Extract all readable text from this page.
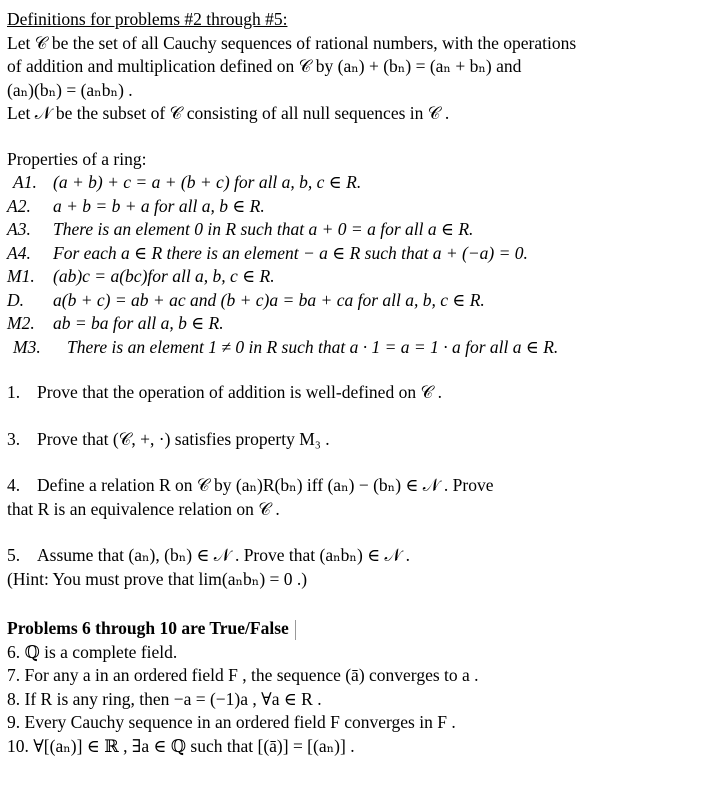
Definitions for problems #2 through #5:
Let 𝒞 be the set of all Cauchy sequences of rational numbers, with the operations
of addition and multiplication defined on 𝒞 by (aₙ) + (bₙ) = (aₙ + bₙ) and
(aₙ)(bₙ) = (aₙbₙ) .
Let 𝒩 be the subset of 𝒞 consisting of all null sequences in 𝒞 .
Properties of a ring:
A1. (a + b) + c = a + (b + c) for all a, b, c ∈ R.
A2. a + b = b + a for all a, b ∈ R.
A3. There is an element 0 in R such that a + 0 = a for all a ∈ R.
A4. For each a ∈ R there is an element − a ∈ R such that a + (−a) = 0.
M1. (ab)c = a(bc)for all a, b, c ∈ R.
D. a(b + c) = ab + ac and (b + c)a = ba + ca for all a, b, c ∈ R.
M2. ab = ba for all a, b ∈ R.
M3. There is an element 1 ≠ 0 in R such that a · 1 = a = 1 · a for all a ∈ R.
1. Prove that the operation of addition is well-defined on 𝒞 .
3. Prove that (𝒞, +, ·) satisfies property M₃ .
4. Define a relation R on 𝒞 by (aₙ)R(bₙ) iff (aₙ) − (bₙ) ∈ 𝒩 . Prove
that R is an equivalence relation on 𝒞 .
5. Assume that (aₙ), (bₙ) ∈ 𝒩 . Prove that (aₙbₙ) ∈ 𝒩 .
(Hint: You must prove that lim(aₙbₙ) = 0 .)
Problems 6 through 10 are True/False
6. ℚ is a complete field.
7. For any a in an ordered field F , the sequence (ā) converges to a .
8. If R is any ring, then −a = (−1)a , ∀a ∈ R .
9. Every Cauchy sequence in an ordered field F converges in F .
10. ∀[(aₙ)] ∈ ℝ , ∃a ∈ ℚ such that [(ā)] = [(aₙ)] .
